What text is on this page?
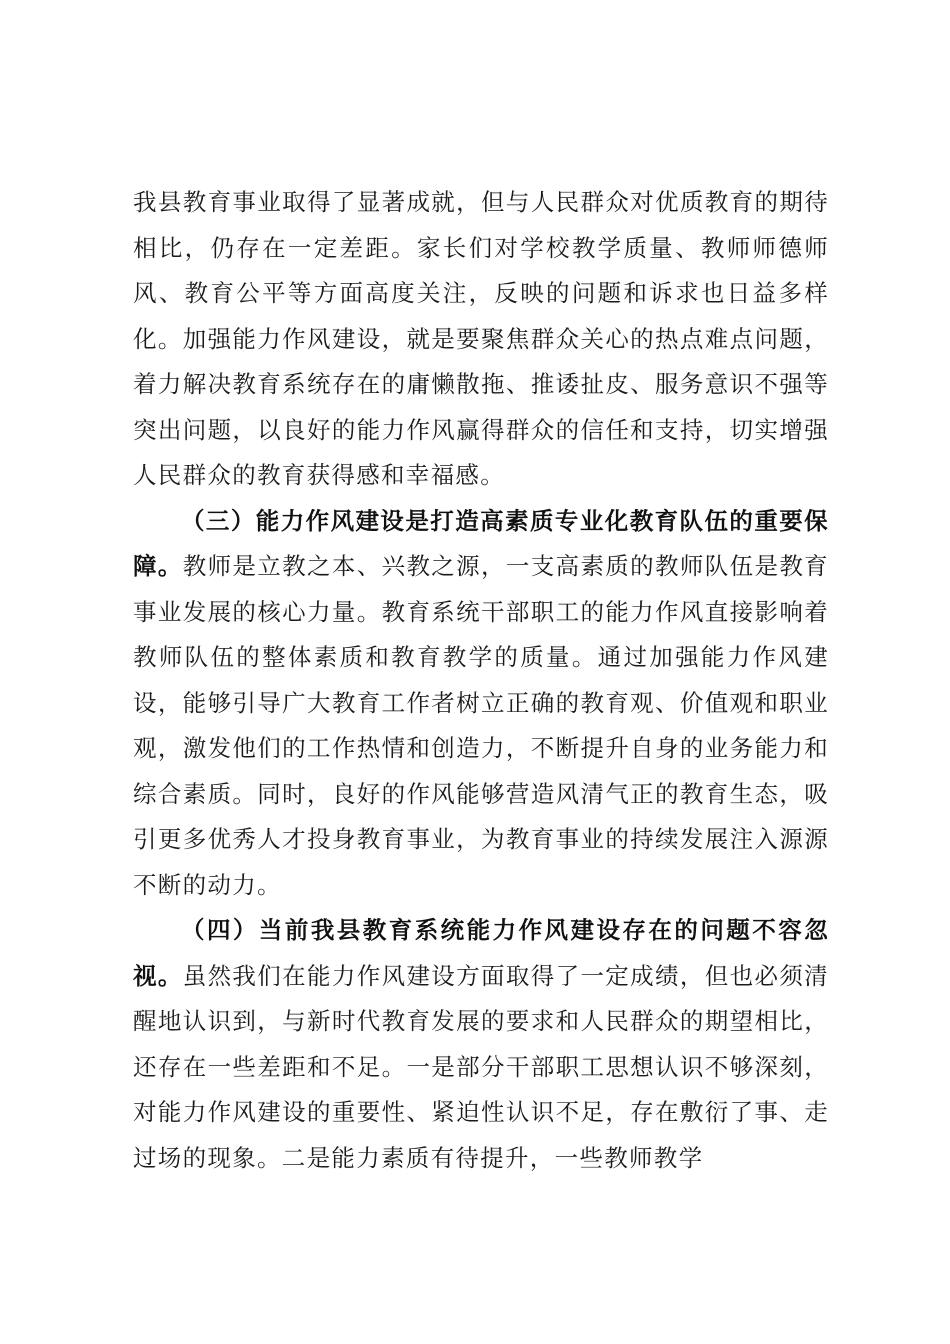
我县教育事业取得了显著成就，但与人民群众对优质教育的期待相比，仍存在一定差距。家长们对学校教学质量、教师师德师风、教育公平等方面高度关注，反映的问题和诉求也日益多样化。加强能力作风建设，就是要聚焦群众关心的热点难点问题，着力解决教育系统存在的庸懒散拖、推诿扯皮、服务意识不强等突出问题，以良好的能力作风赢得群众的信任和支持，切实增强人民群众的教育获得感和幸福感。

（三）能力作风建设是打造高素质专业化教育队伍的重要保障。教师是立教之本、兴教之源，一支高素质的教师队伍是教育事业发展的核心力量。教育系统干部职工的能力作风直接影响着教师队伍的整体素质和教育教学的质量。通过加强能力作风建设，能够引导广大教育工作者树立正确的教育观、价值观和职业观，激发他们的工作热情和创造力，不断提升自身的业务能力和综合素质。同时，良好的作风能够营造风清气正的教育生态，吸引更多优秀人才投身教育事业，为教育事业的持续发展注入源源不断的动力。

（四）当前我县教育系统能力作风建设存在的问题不容忽视。虽然我们在能力作风建设方面取得了一定成绩，但也必须清醒地认识到，与新时代教育发展的要求和人民群众的期望相比，还存在一些差距和不足。一是部分干部职工思想认识不够深刻，对能力作风建设的重要性、紧迫性认识不足，存在敷衍了事、走过场的现象。二是能力素质有待提升，一些教师教学
